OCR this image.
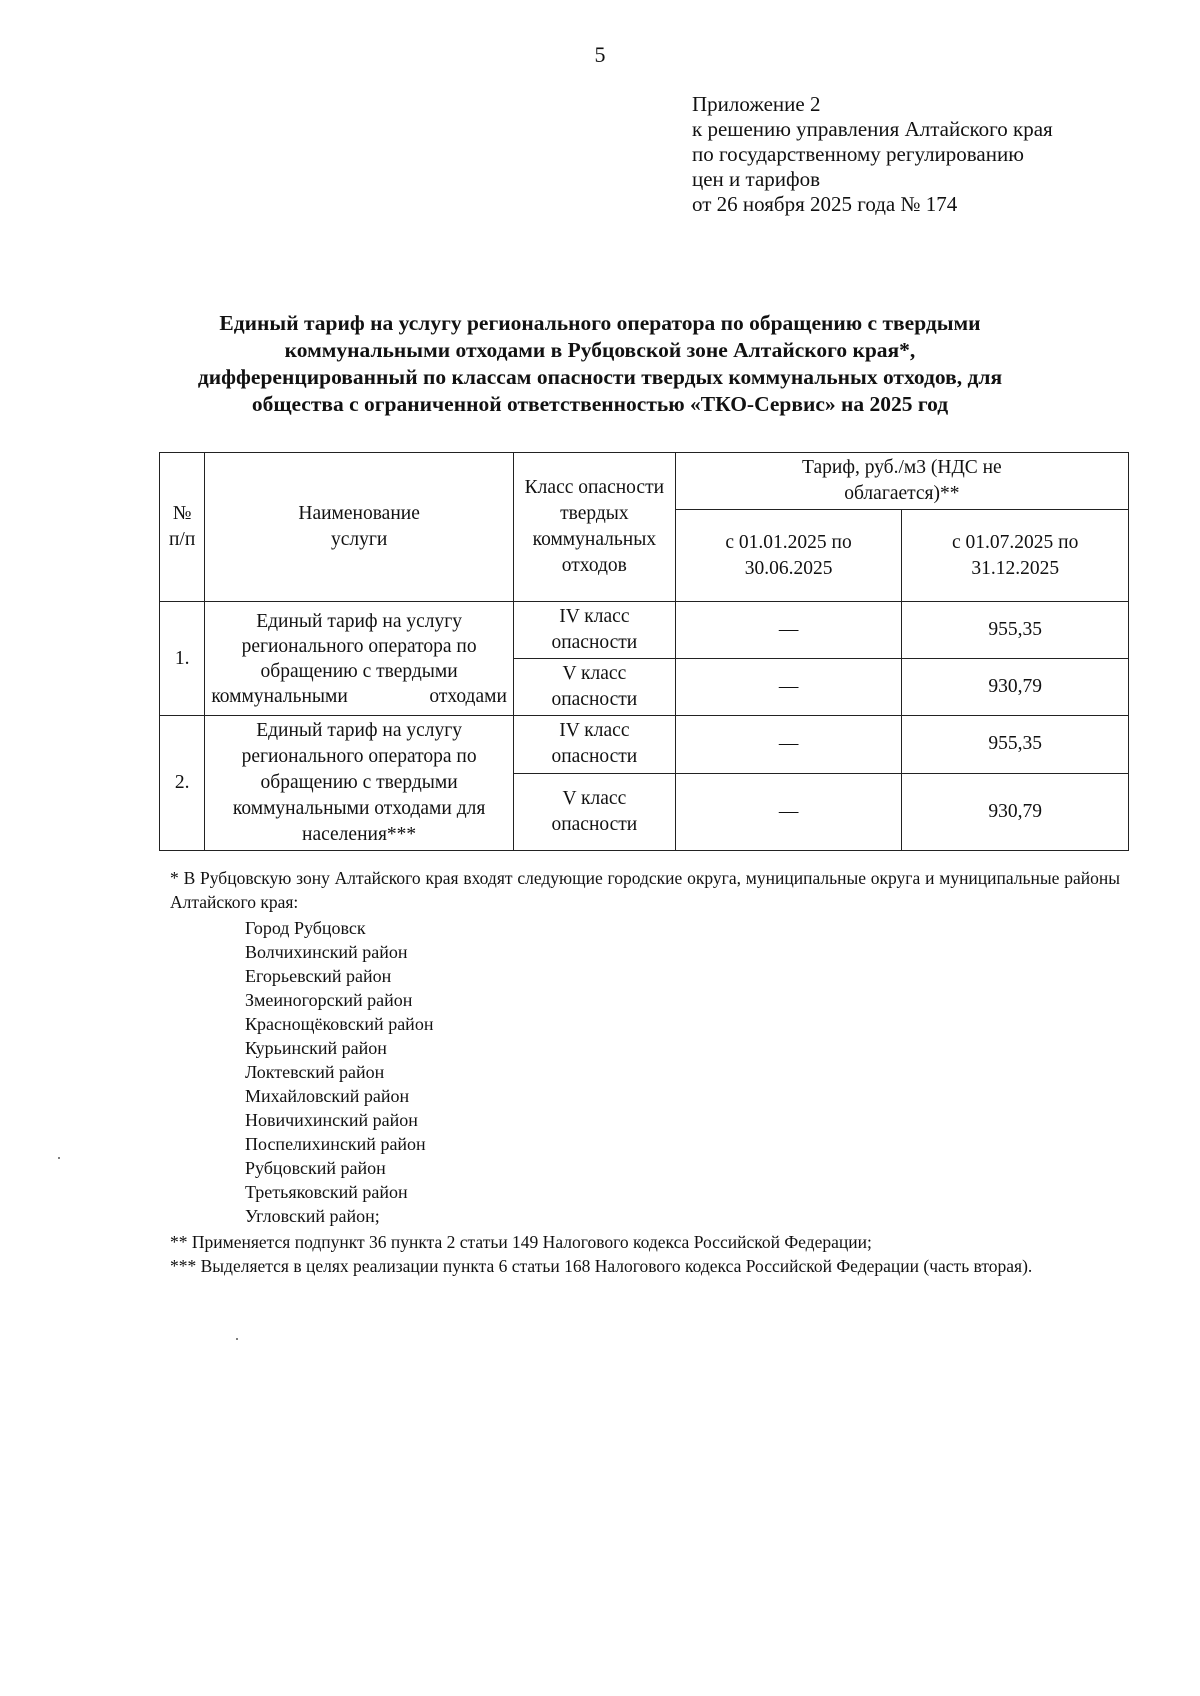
5
Приложение 2
к решению управления Алтайского края
по государственному регулированию
цен и тарифов
от 26 ноября 2025 года № 174
Единый тариф на услугу регионального оператора по обращению с твердыми
коммунальными отходами в Рубцовской зоне Алтайского края*,
дифференцированный по классам опасности твердых коммунальных отходов, для
общества с ограниченной ответственностью «ТКО-Сервис» на 2025 год
№ п/п	Наименование услуги	Класс опасности твердых коммунальных отходов	Тариф, руб./м3 (НДС не облагается)**	
			с 01.01.2025 по 30.06.2025	с 01.07.2025 по 31.12.2025
1.	Единый тариф на услугу регионального оператора по обращению с твердыми коммунальными отходами	IV класс опасности	—	955,35
		V класс опасности	—	930,79
2.	Единый тариф на услугу регионального оператора по обращению с твердыми коммунальными отходами для населения***	IV класс опасности	—	955,35
		V класс опасности	—	930,79

* В Рубцовскую зону Алтайского края входят следующие городские округа, муниципальные округа и муниципальные районы Алтайского края:

Город Рубцовск
Волчихинский район
Егорьевский район
Змеиногорский район
Краснощёковский район
Курьинский район
Локтевский район
Михайловский район
Новичихинский район
Поспелихинский район
Рубцовский район
Третьяковский район
Угловский район;

** Применяется подпункт 36 пункта 2 статьи 149 Налогового кодекса Российской Федерации;

*** Выделяется в целях реализации пункта 6 статьи 168 Налогового кодекса Российской Федерации (часть вторая).
